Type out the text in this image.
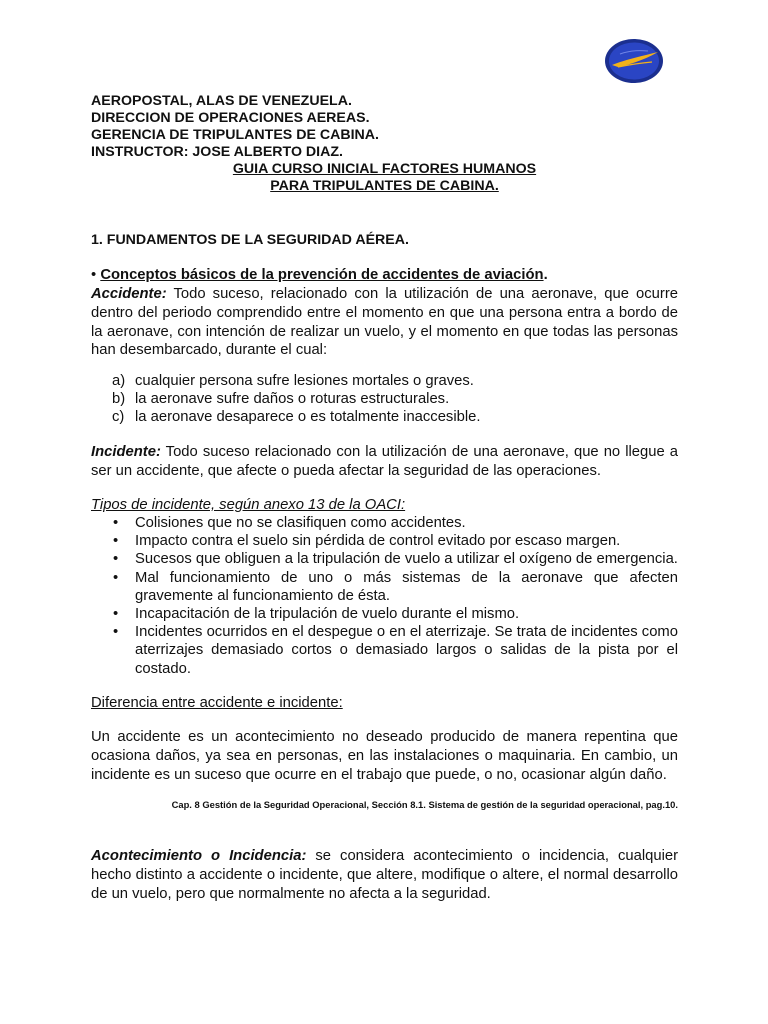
AEROPOSTAL, ALAS DE VENEZUELA.
DIRECCION DE OPERACIONES AEREAS.
GERENCIA DE TRIPULANTES DE CABINA.
INSTRUCTOR: JOSE ALBERTO DIAZ.
GUIA CURSO INICIAL FACTORES HUMANOS
PARA TRIPULANTES DE CABINA.
1. FUNDAMENTOS DE LA SEGURIDAD AÉREA.
• Conceptos básicos de la prevención de accidentes de aviación.
Accidente: Todo suceso, relacionado con la utilización de una aeronave, que ocurre dentro del periodo comprendido entre el momento en que una persona entra a bordo de la aeronave, con intención de realizar un vuelo, y el momento en que todas las personas han desembarcado, durante el cual:
a) cualquier persona sufre lesiones mortales o graves.
b) la aeronave sufre daños o roturas estructurales.
c) la aeronave desaparece o es totalmente inaccesible.
Incidente: Todo suceso relacionado con la utilización de una aeronave, que no llegue a ser un accidente, que afecte o pueda afectar la seguridad de las operaciones.
Tipos de incidente, según anexo 13 de la OACI:
• Colisiones que no se clasifiquen como accidentes.
• Impacto contra el suelo sin pérdida de control evitado por escaso margen.
• Sucesos que obliguen a la tripulación de vuelo a utilizar el oxígeno de emergencia.
• Mal funcionamiento de uno o más sistemas de la aeronave que afecten gravemente al funcionamiento de ésta.
• Incapacitación de la tripulación de vuelo durante el mismo.
• Incidentes ocurridos en el despegue o en el aterrizaje. Se trata de incidentes como aterrizajes demasiado cortos o demasiado largos o salidas de la pista por el costado.
Diferencia entre accidente e incidente:
Un accidente es un acontecimiento no deseado producido de manera repentina que ocasiona daños, ya sea en personas, en las instalaciones o maquinaria. En cambio, un incidente es un suceso que ocurre en el trabajo que puede, o no, ocasionar algún daño.
Cap. 8 Gestión de la Seguridad Operacional, Sección 8.1. Sistema de gestión de la seguridad operacional, pag.10.
Acontecimiento o Incidencia: se considera acontecimiento o incidencia, cualquier hecho distinto a accidente o incidente, que altere, modifique o altere, el normal desarrollo de un vuelo, pero que normalmente no afecta a la seguridad.
